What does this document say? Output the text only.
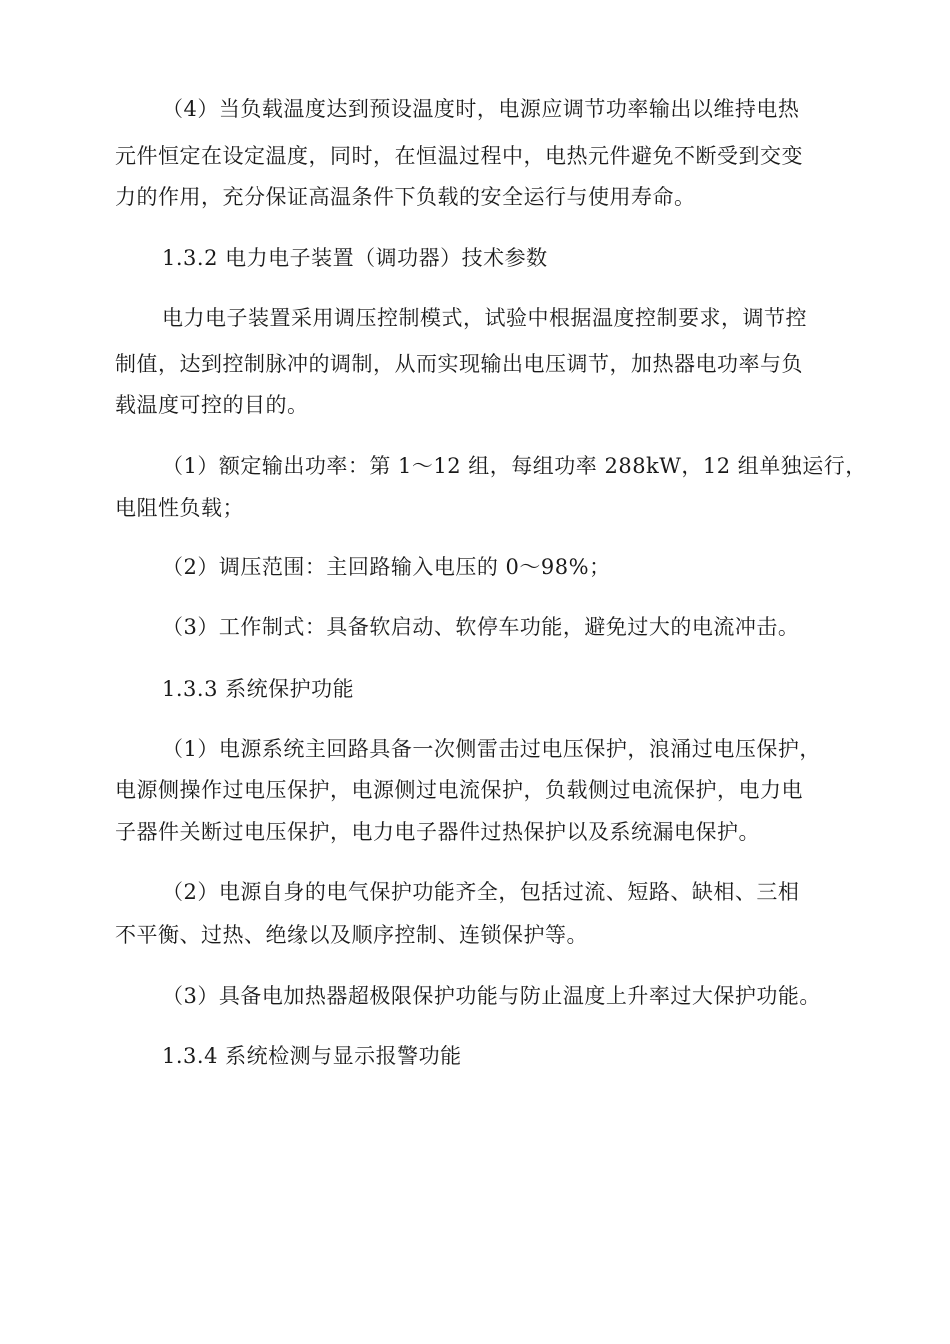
（4）当负载温度达到预设温度时，电源应调节功率输出以维持电热
元件恒定在设定温度，同时，在恒温过程中，电热元件避免不断受到交变
力的作用，充分保证高温条件下负载的安全运行与使用寿命。
1.3.2 电力电子装置（调功器）技术参数
电力电子装置采用调压控制模式，试验中根据温度控制要求，调节控
制值，达到控制脉冲的调制，从而实现输出电压调节，加热器电功率与负
载温度可控的目的。
（1）额定输出功率：第 1～12 组，每组功率 288kW，12 组单独运行，
电阻性负载；
（2）调压范围：主回路输入电压的 0～98%；
（3）工作制式：具备软启动、软停车功能，避免过大的电流冲击。
1.3.3 系统保护功能
（1）电源系统主回路具备一次侧雷击过电压保护，浪涌过电压保护，
电源侧操作过电压保护，电源侧过电流保护，负载侧过电流保护，电力电
子器件关断过电压保护，电力电子器件过热保护以及系统漏电保护。
（2）电源自身的电气保护功能齐全，包括过流、短路、缺相、三相
不平衡、过热、绝缘以及顺序控制、连锁保护等。
（3）具备电加热器超极限保护功能与防止温度上升率过大保护功能。
1.3.4 系统检测与显示报警功能
